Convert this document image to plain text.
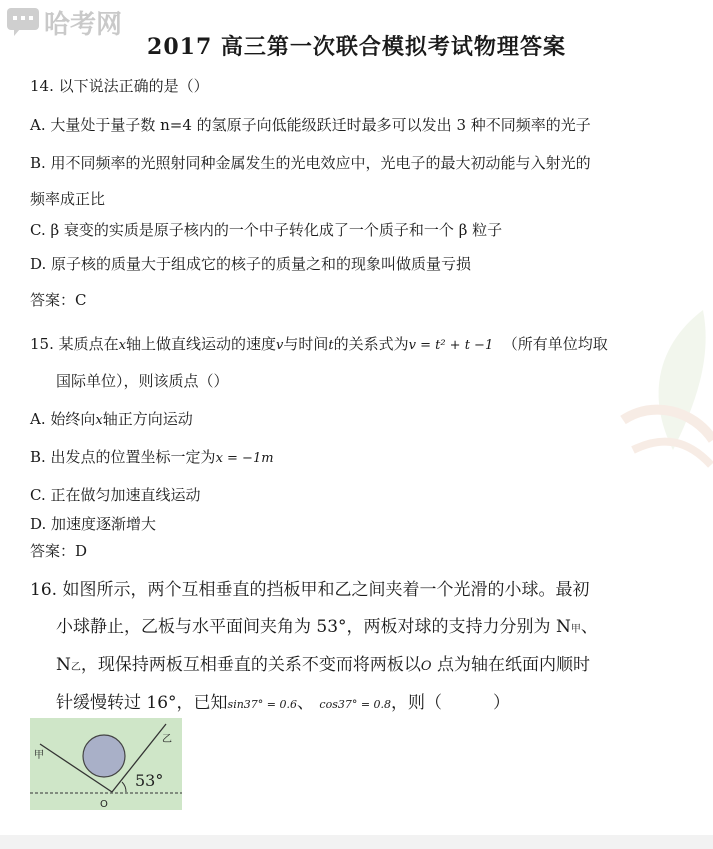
哈考网
2017 高三第一次联合模拟考试物理答案
14. 以下说法正确的是（）
A. 大量处于量子数 n=4 的氢原子向低能级跃迁时最多可以发出 3 种不同频率的光子
B. 用不同频率的光照射同种金属发生的光电效应中，光电子的最大初动能与入射光的
频率成正比
C. β 衰变的实质是原子核内的一个中子转化成了一个质子和一个 β 粒子
D. 原子核的质量大于组成它的核子的质量之和的现象叫做质量亏损
答案：C
15. 某质点在x轴上做直线运动的速度v与时间t的关系式为v = t² + t −1 （所有单位均取
国际单位），则该质点（）
A. 始终向x轴正方向运动
B. 出发点的位置坐标一定为x = −1m
C. 正在做匀加速直线运动
D. 加速度逐渐增大
答案：D
16. 如图所示，两个互相垂直的挡板甲和乙之间夹着一个光滑的小球。最初
小球静止，乙板与水平面间夹角为 53°，两板对球的支持力分别为 N甲、
N乙，现保持两板互相垂直的关系不变而将两板以O 点为轴在纸面内顺时
针缓慢转过 16°，已知sin37° = 0.6、 cos37° = 0.8，则（　　　）
甲
乙
53°
O
